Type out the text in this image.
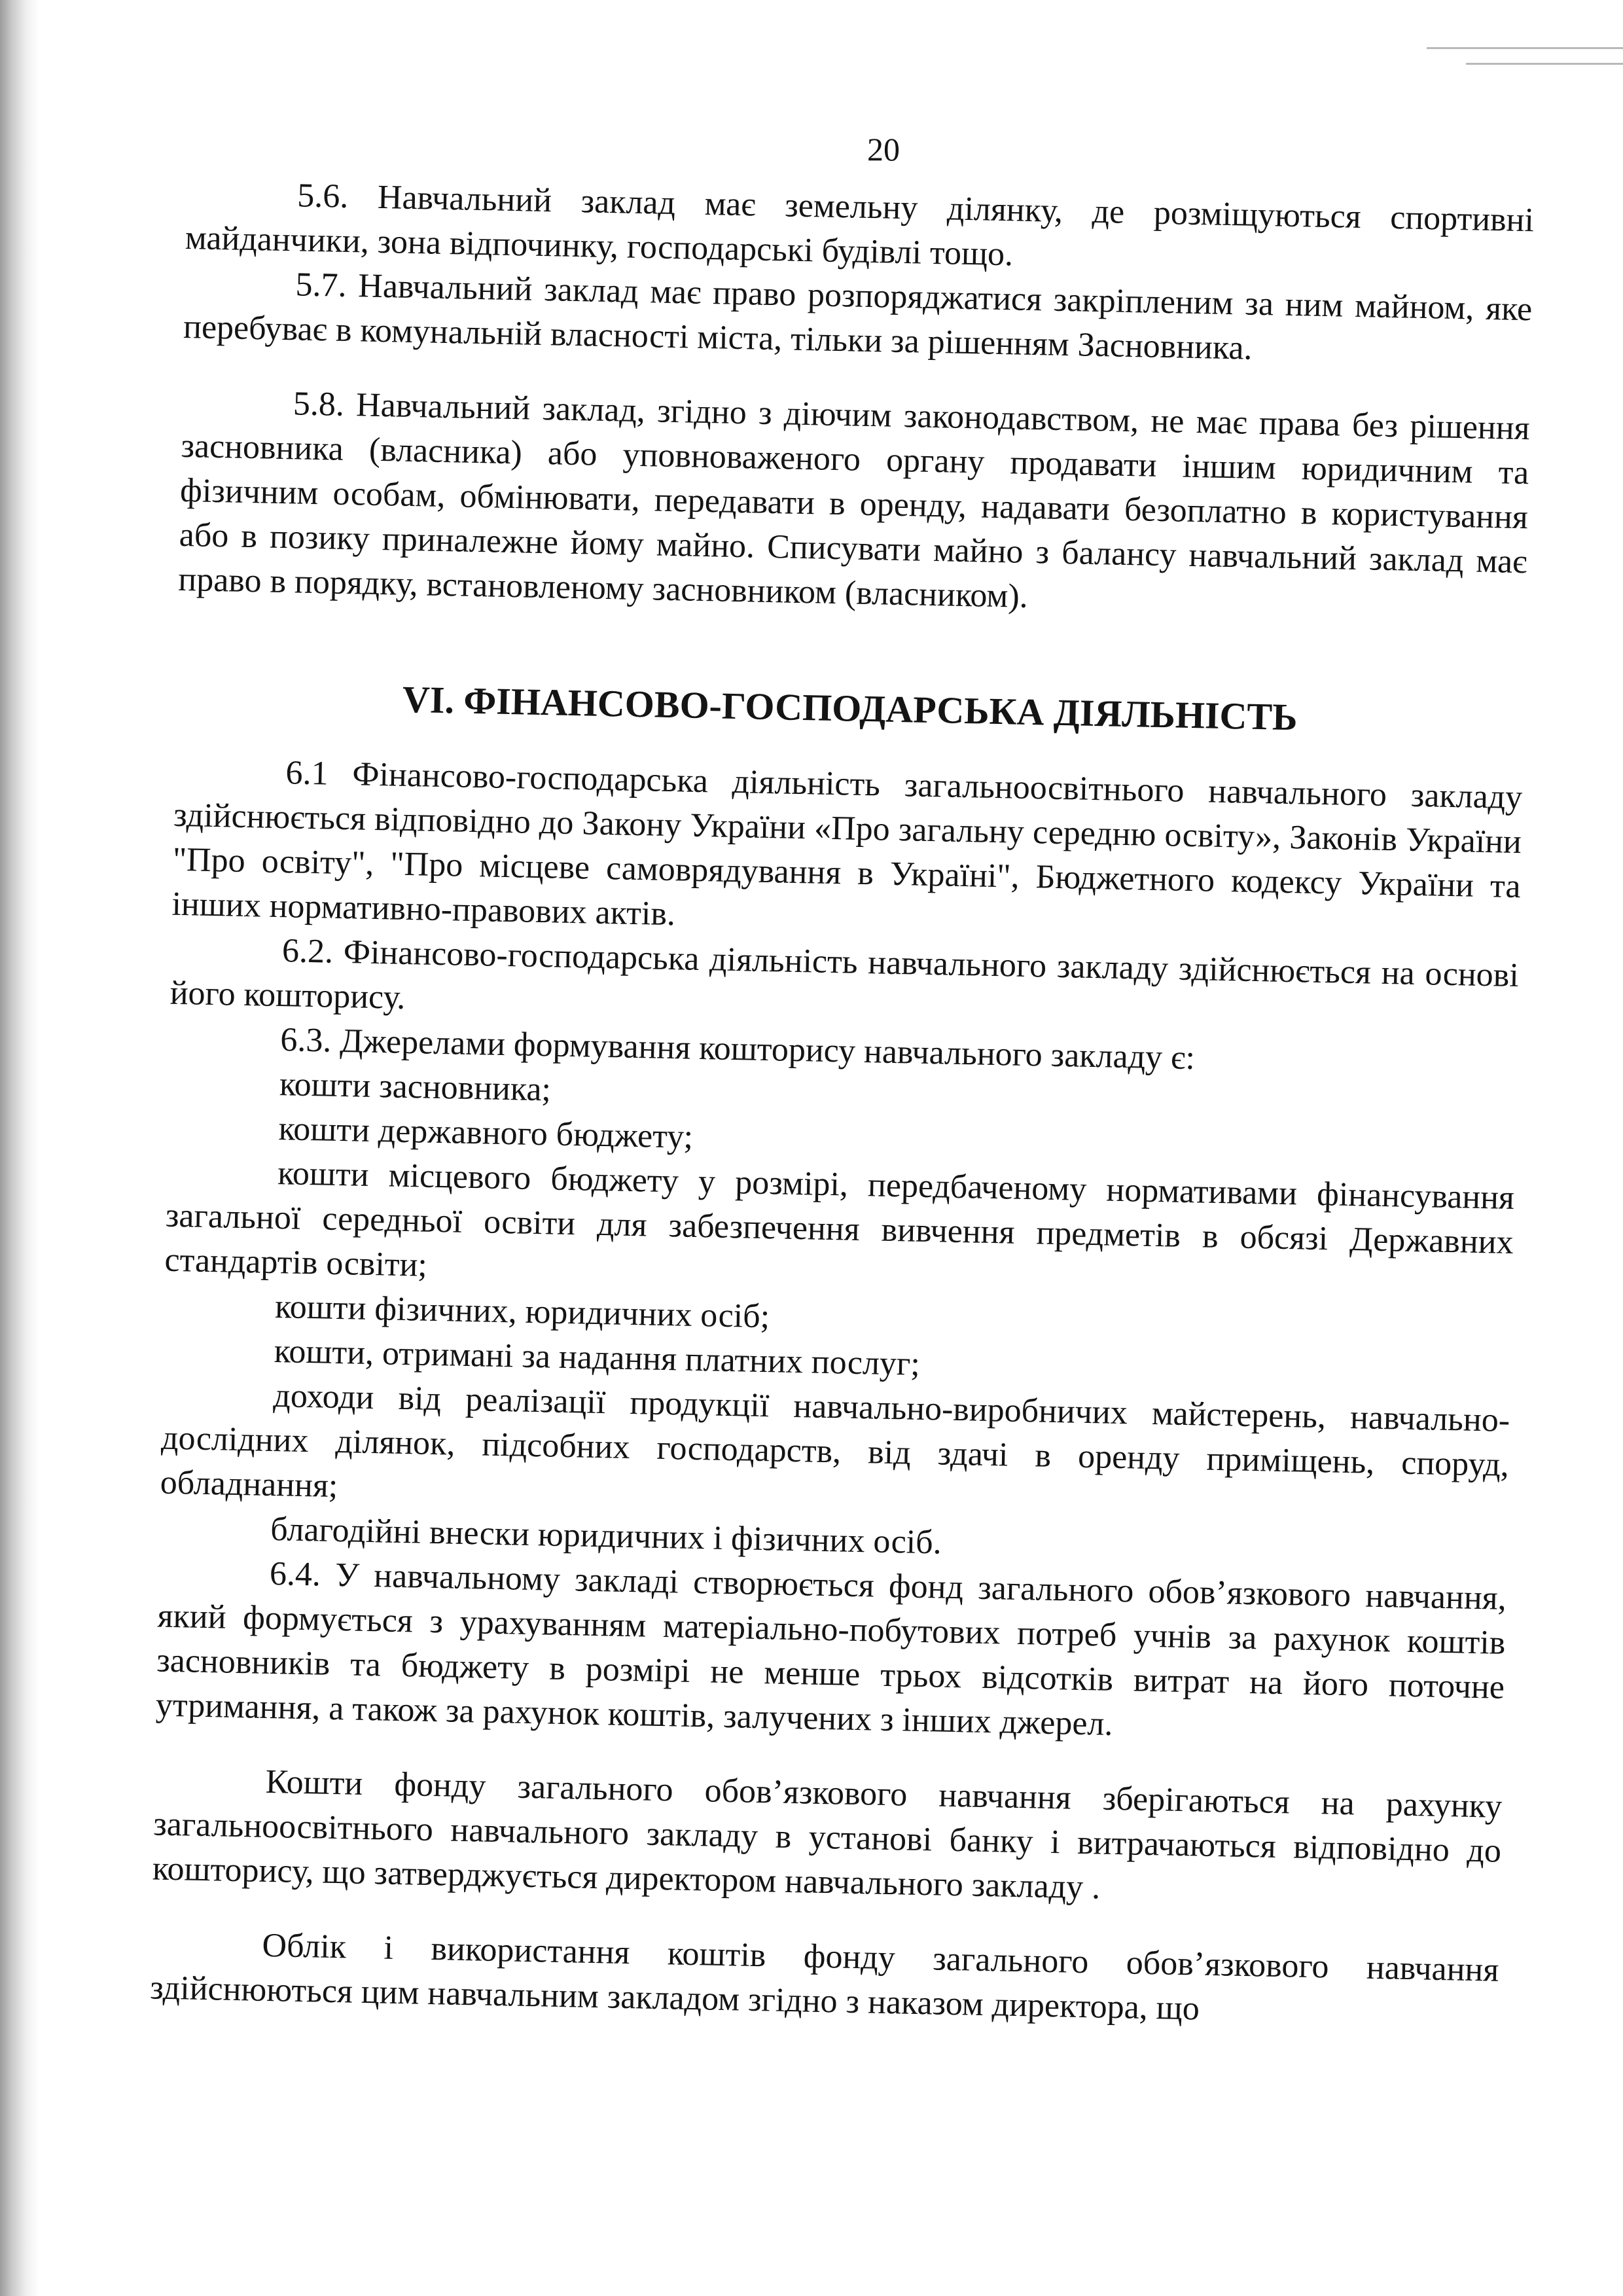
20

5.6. Навчальний заклад має земельну ділянку, де розміщуються спортивні майданчики, зона відпочинку, господарські будівлі тощо.

5.7. Навчальний заклад має право розпоряджатися закріпленим за ним майном, яке перебуває в комунальній власності міста, тільки за рішенням Засновника.

5.8. Навчальний заклад, згідно з діючим законодавством, не має права без рішення засновника (власника) або уповноваженого органу продавати іншим юридичним та фізичним особам, обмінювати, передавати в оренду, надавати безоплатно в користування або в позику приналежне йому майно. Списувати майно з балансу навчальний заклад має право в порядку, встановленому засновником (власником).

VI. ФІНАНСОВО-ГОСПОДАРСЬКА ДІЯЛЬНІСТЬ

6.1 Фінансово-господарська діяльність загальноосвітнього навчального закладу здійснюється відповідно до Закону України «Про загальну середню освіту», Законів України "Про освіту", "Про місцеве самоврядування в Україні", Бюджетного кодексу України та інших нормативно-правових актів.

6.2. Фінансово-господарська діяльність навчального закладу здійснюється на основі його кошторису.

6.3. Джерелами формування кошторису навчального закладу є:

кошти засновника;

кошти державного бюджету;

кошти місцевого бюджету у розмірі, передбаченому нормативами фінансування загальної середньої освіти для забезпечення вивчення предметів в обсязі Державних стандартів освіти;

кошти фізичних, юридичних осіб;

кошти, отримані за надання платних послуг;

доходи від реалізації продукції навчально-виробничих майстерень, навчально-дослідних ділянок, підсобних господарств, від здачі в оренду приміщень, споруд, обладнання;

благодійні внески юридичних і фізичних осіб.

6.4. У навчальному закладі створюється фонд загального обов’язкового навчання, який формується з урахуванням матеріально-побутових потреб учнів за рахунок коштів засновників та бюджету в розмірі не менше трьох відсотків витрат на його поточне утримання, а також за рахунок коштів, залучених з інших джерел.

Кошти фонду загального обов’язкового навчання зберігаються на рахунку загальноосвітнього навчального закладу в установі банку і витрачаються відповідно до кошторису, що затверджується директором навчального закладу .

Облік і використання коштів фонду загального обов’язкового навчання здійснюються цим навчальним закладом згідно з наказом директора, що
